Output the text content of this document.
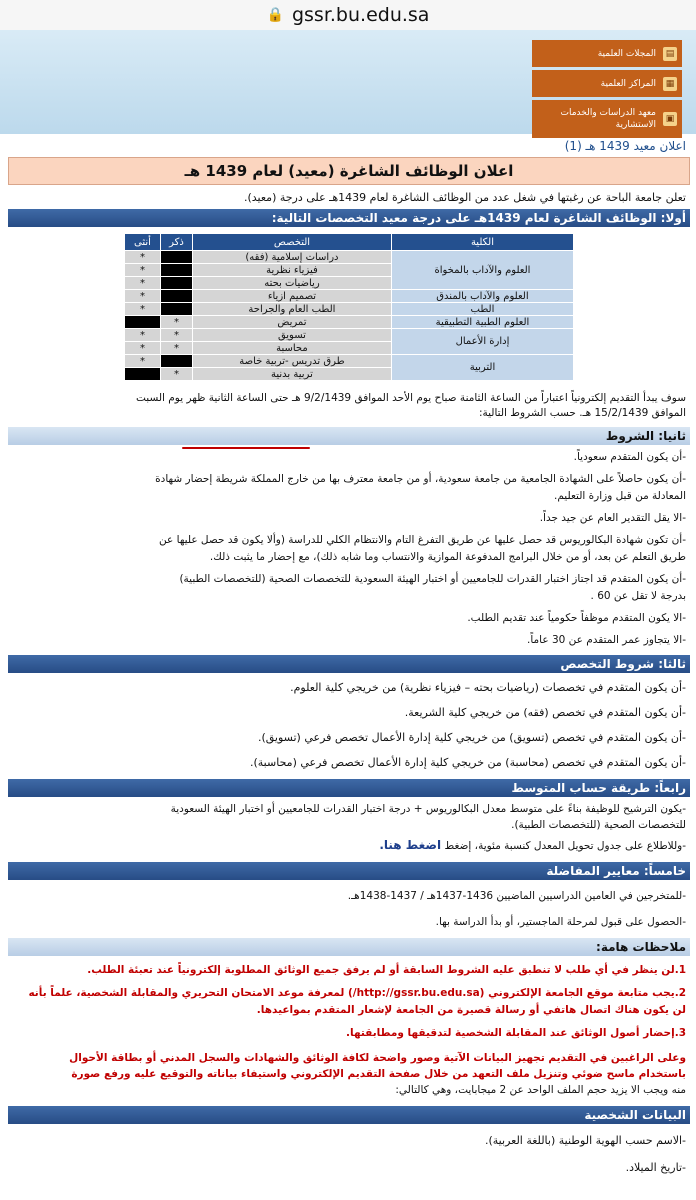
🔒 gssr.bu.edu.sa
▤
المجلات العلمية
▦
المراكز العلمية
▣
معهد الدراسات والخدمات الاستشارية
اعلان معيد 1439 هـ (1)
اعلان الوظائف الشاغرة (معيد) لعام 1439 هـ
تعلن جامعة الباحة عن رغبتها في شغل عدد من الوظائف الشاغرة لعام 1439هـ على درجة (معيد).
أولا: الوظائف الشاغرة لعام 1439هـ على درجة معيد التخصصات التالية:
الكلية	التخصص	ذكر	أنثى
العلوم والآداب بالمخواة	دراسات إسلامية (فقه)		*
	فيزياء نظرية		*
	رياضيات بحته		*
العلوم والآداب بالمندق	تصميم ازياء		*
الطب	الطب العام والجراحة		*
العلوم الطبية التطبيقية	تمريض	*	
إدارة الأعمال	تسويق	*	*
	محاسبة	*	*
التربية	طرق تدريس -تربية خاصة		*
	تربية بدنية	*	
سوف يبدأ التقديم إلكترونياً اعتباراً من الساعة الثامنة صباح يوم الأحد الموافق 9/2/1439 هـ حتى الساعة الثانية ظهر يوم السبت
الموافق 15/2/1439 هـ. حسب الشروط التالية:
ثانيا: الشروط
-أن يكون المتقدم سعودياً.
-أن يكون حاصلاً على الشهادة الجامعية من جامعة سعودية، أو من جامعة معترف بها من خارج المملكة شريطة إحضار شهادة
المعادلة من قبل وزارة التعليم.
-الا يقل التقدير العام عن جيد جداً.
-أن تكون شهادة البكالوريوس قد حصل عليها عن طريق التفرغ التام والانتظام الكلي للدراسة (وألا يكون قد حصل عليها عن
طريق التعلم عن بعد، أو من خلال البرامج المدفوعة الموازية والانتساب وما شابه ذلك)، مع إحضار ما يثبت ذلك.
-أن يكون المتقدم قد اجتاز اختبار القدرات للجامعيين أو اختبار الهيئة السعودية للتخصصات الصحية (للتخصصات الطبية)
بدرجة لا تقل عن 60 .
-الا يكون المتقدم موظفاً حكومياً عند تقديم الطلب.
-الا يتجاوز عمر المتقدم عن 30 عاماً.
ثالثا: شروط التخصص
-أن يكون المتقدم في تخصصات (رياضيات بحته – فيزياء نظرية) من خريجي كلية العلوم.
-أن يكون المتقدم في تخصص (فقه) من خريجي كلية الشريعة.
-أن يكون المتقدم في تخصص (تسويق) من خريجي كلية إدارة الأعمال تخصص فرعي (تسويق).
-أن يكون المتقدم في تخصص (محاسبة) من خريجي كلية إدارة الأعمال تخصص فرعي (محاسبة).
رابعاً: طريقة حساب المتوسط
-يكون الترشيح للوظيفة بناءً على متوسط معدل البكالوريوس + درجة اختبار القدرات للجامعيين أو اختبار الهيئة السعودية
للتخصصات الصحية (للتخصصات الطبية).
-وللاطلاع على جدول تحويل المعدل كنسبة مئوية، إضغط اضغط هنا.
خامساً: معايير المفاضلة
-للمتخرجين في العامين الدراسيين الماضيين 1436-1437هـ / 1437-1438هـ.
-الحصول على قبول لمرحلة الماجستير، أو بدأ الدراسة بها.
ملاحظات هامة:
1.لن ينظر في أي طلب لا تنطبق عليه الشروط السابقة أو لم يرفق جميع الوثائق المطلوبة إلكترونياً عند تعبئة الطلب.
2.يجب متابعة موقع الجامعة الإلكتروني (http://gssr.bu.edu.sa/) لمعرفة موعد الامتحان التحريري والمقابلة الشخصية، علماً بأنه
لن يكون هناك اتصال هاتفي أو رسالة قصيرة من الجامعة لإشعار المتقدم بمواعيدها.
3.إحضار أصول الوثائق عند المقابلة الشخصية لتدقيقها ومطابقتها.
وعلى الراغبين في التقديم تجهيز البيانات الآتية وصور واضحة لكافة الوثائق والشهادات والسجل المدني أو بطاقة الأحوال
باستخدام ماسح ضوئي وتنزيل ملف التعهد من خلال صفحة التقديم الإلكتروني واستيفاء بياناته والتوقيع عليه ورفع صورة
منه ويجب الا يزيد حجم الملف الواحد عن 2 ميجابايت، وهي كالتالي:
البيانات الشخصية
-الاسم حسب الهوية الوطنية (باللغة العربية).
-تاريخ الميلاد.
